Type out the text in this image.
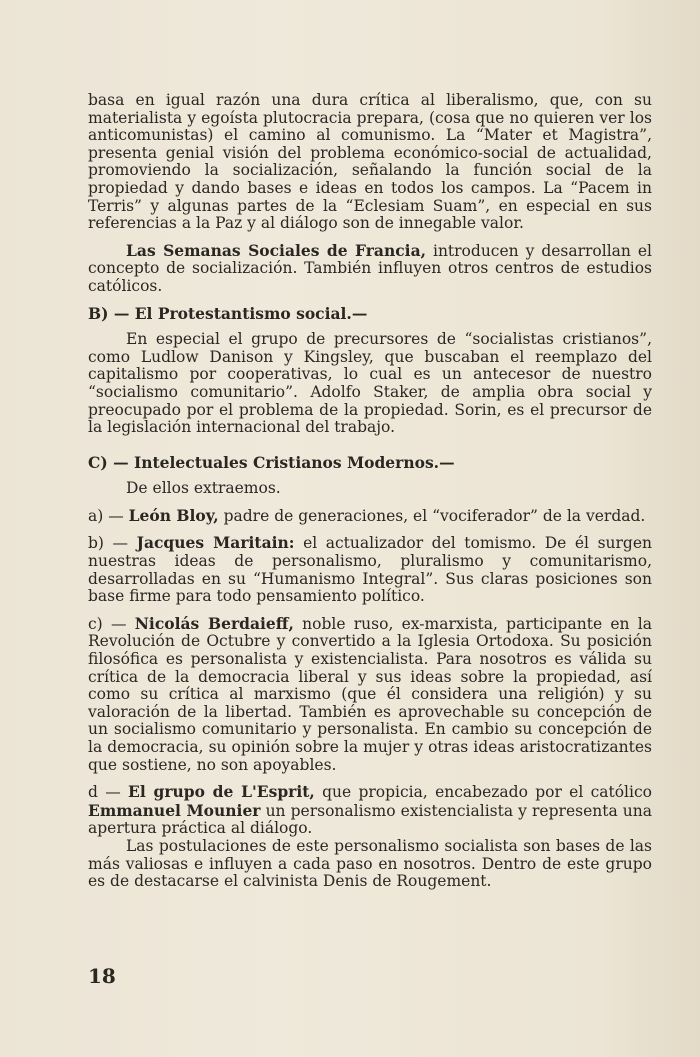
basa en igual razón una dura crítica al liberalismo, que, con su materialista y egoísta plutocracia prepara, (cosa que no quieren ver los anticomunistas) el camino al comunismo. La “Mater et Magistra”, presenta genial visión del problema económico-social de actualidad, promoviendo la socialización, señalando la función social de la propiedad y dando bases e ideas en todos los campos. La “Pacem in Terris” y algunas partes de la “Eclesiam Suam”, en especial en sus referencias a la Paz y al diálogo son de innegable valor.

Las Semanas Sociales de Francia, introducen y desarrollan el concepto de socialización. También influyen otros centros de estudios católicos.

B) — El Protestantismo social.—

En especial el grupo de precursores de “socialistas cristianos”, como Ludlow Danison y Kingsley, que buscaban el reemplazo del capitalismo por cooperativas, lo cual es un antecesor de nuestro “socialismo comunitario”. Adolfo Staker, de amplia obra social y preocupado por el problema de la propiedad. Sorin, es el precursor de la legislación internacional del trabajo.

C) — Intelectuales Cristianos Modernos.—

De ellos extraemos.

a) — León Bloy, padre de generaciones, el “vociferador” de la verdad.

b) — Jacques Maritain: el actualizador del tomismo. De él surgen nuestras ideas de personalismo, pluralismo y comunitarismo, desarrolladas en su “Humanismo Integral”. Sus claras posiciones son base firme para todo pensamiento político.

c) — Nicolás Berdaieff, noble ruso, ex-marxista, participante en la Revolución de Octubre y convertido a la Iglesia Ortodoxa. Su posición filosófica es personalista y existencialista. Para nosotros es válida su crítica de la democracia liberal y sus ideas sobre la propiedad, así como su crítica al marxismo (que él considera una religión) y su valoración de la libertad. También es aprovechable su concepción de un socialismo comunitario y personalista. En cambio su concepción de la democracia, su opinión sobre la mujer y otras ideas aristocratizantes que sostiene, no son apoyables.

d — El grupo de L'Esprit, que propicia, encabezado por el católico Emmanuel Mounier un personalismo existencialista y representa una apertura práctica al diálogo.

Las postulaciones de este personalismo socialista son bases de las más valiosas e influyen a cada paso en nosotros. Dentro de este grupo es de destacarse el calvinista Denis de Rougement.

18
